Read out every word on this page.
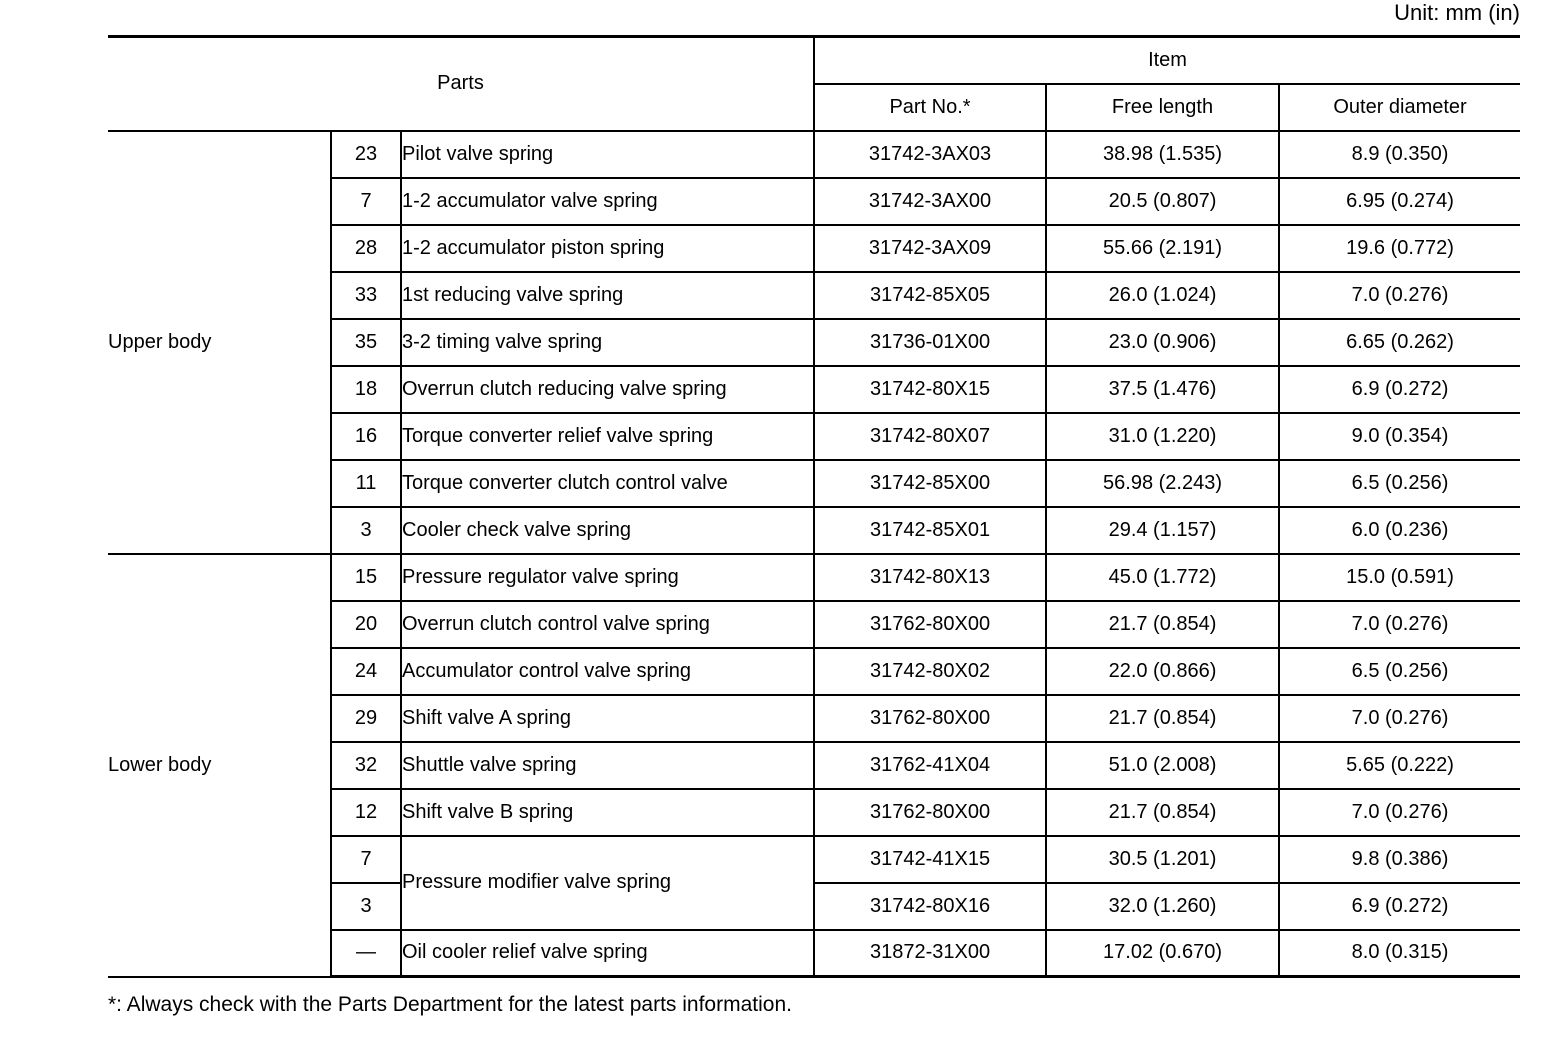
Unit: mm (in)
Parts			Item		
			Part No.*	Free length	Outer diameter
Upper body	23	Pilot valve spring	31742-3AX03	38.98 (1.535)	8.9 (0.350)
	7	1-2 accumulator valve spring	31742-3AX00	20.5 (0.807)	6.95 (0.274)
	28	1-2 accumulator piston spring	31742-3AX09	55.66 (2.191)	19.6 (0.772)
	33	1st reducing valve spring	31742-85X05	26.0 (1.024)	7.0 (0.276)
	35	3-2 timing valve spring	31736-01X00	23.0 (0.906)	6.65 (0.262)
	18	Overrun clutch reducing valve spring	31742-80X15	37.5 (1.476)	6.9 (0.272)
	16	Torque converter relief valve spring	31742-80X07	31.0 (1.220)	9.0 (0.354)
	11	Torque converter clutch control valve	31742-85X00	56.98 (2.243)	6.5 (0.256)
	3	Cooler check valve spring	31742-85X01	29.4 (1.157)	6.0 (0.236)
Lower body	15	Pressure regulator valve spring	31742-80X13	45.0 (1.772)	15.0 (0.591)
	20	Overrun clutch control valve spring	31762-80X00	21.7 (0.854)	7.0 (0.276)
	24	Accumulator control valve spring	31742-80X02	22.0 (0.866)	6.5 (0.256)
	29	Shift valve A spring	31762-80X00	21.7 (0.854)	7.0 (0.276)
	32	Shuttle valve spring	31762-41X04	51.0 (2.008)	5.65 (0.222)
	12	Shift valve B spring	31762-80X00	21.7 (0.854)	7.0 (0.276)
	7	Pressure modifier valve spring	31742-41X15	30.5 (1.201)	9.8 (0.386)
	3		31742-80X16	32.0 (1.260)	6.9 (0.272)
	—	Oil cooler relief valve spring	31872-31X00	17.02 (0.670)	8.0 (0.315)
*: Always check with the Parts Department for the latest parts information.
